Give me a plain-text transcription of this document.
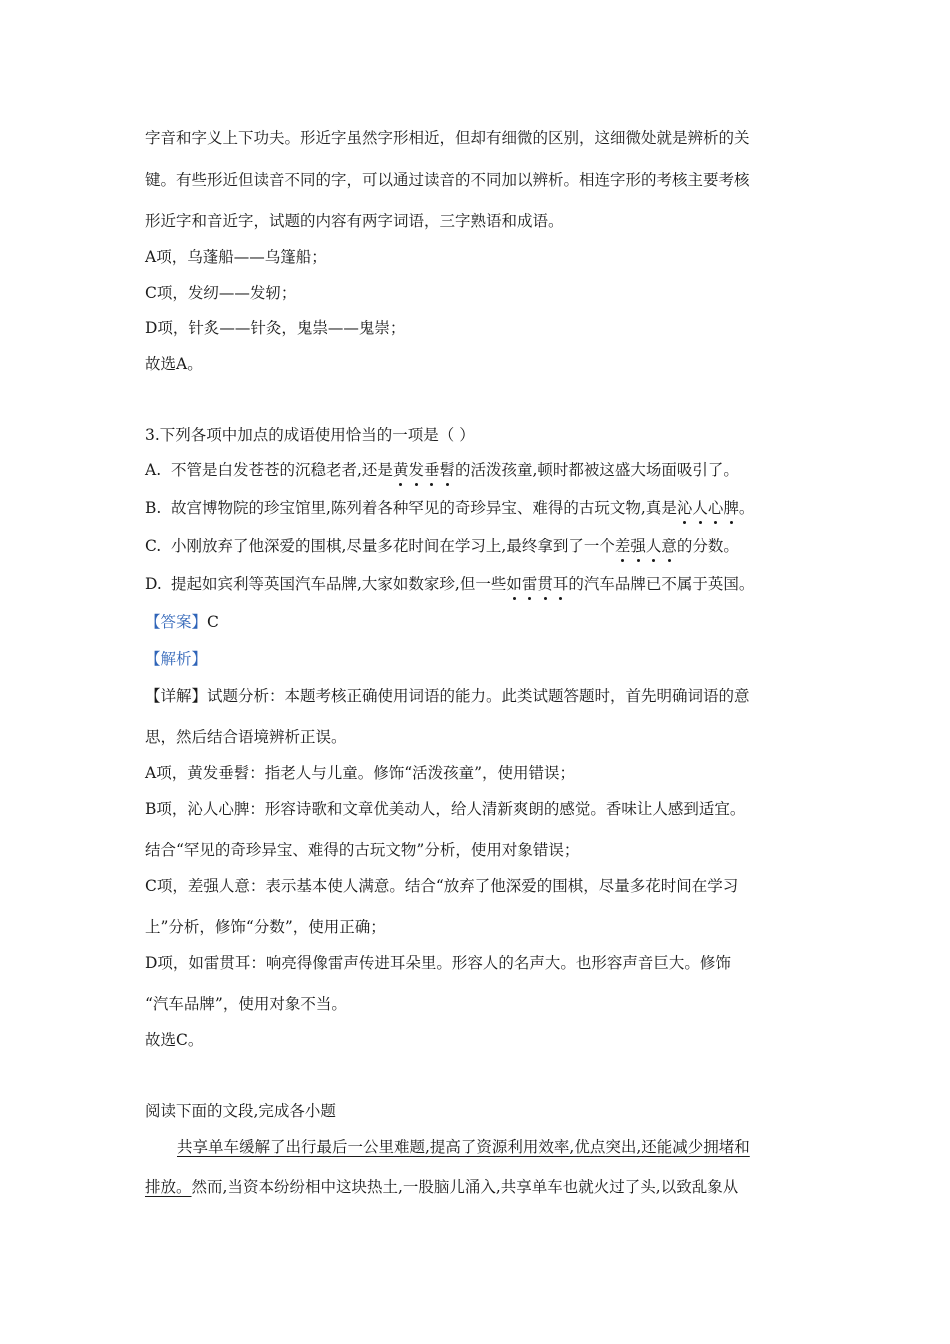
字音和字义上下功夫。形近字虽然字形相近，但却有细微的区别，这细微处就是辨析的关
键。有些形近但读音不同的字，可以通过读音的不同加以辨析。相连字形的考核主要考核
形近字和音近字，试题的内容有两字词语，三字熟语和成语。
A项，乌蓬船——乌篷船；
C项，发纫——发轫；
D项，针炙——针灸，鬼祟——鬼崇；
故选A。
3.下列各项中加点的成语使用恰当的一项是（ ）
A. 不管是白发苍苍的沉稳老者,还是黄发垂髫的活泼孩童,顿时都被这盛大场面吸引了。
B. 故宫博物院的珍宝馆里,陈列着各种罕见的奇珍异宝、难得的古玩文物,真是沁人心脾。
C. 小刚放弃了他深爱的围棋,尽量多花时间在学习上,最终拿到了一个差强人意的分数。
D. 提起如宾利等英国汽车品牌,大家如数家珍,但一些如雷贯耳的汽车品牌已不属于英国。
【答案】C
【解析】
【详解】试题分析：本题考核正确使用词语的能力。此类试题答题时，首先明确词语的意
思，然后结合语境辨析正误。
A项，黄发垂髫：指老人与儿童。修饰“活泼孩童”，使用错误；
B项，沁人心脾：形容诗歌和文章优美动人，给人清新爽朗的感觉。香味让人感到适宜。
结合“罕见的奇珍异宝、难得的古玩文物”分析，使用对象错误；
C项，差强人意：表示基本使人满意。结合“放弃了他深爱的围棋，尽量多花时间在学习
上”分析，修饰“分数”，使用正确；
D项，如雷贯耳：响亮得像雷声传进耳朵里。形容人的名声大。也形容声音巨大。修饰
“汽车品牌”，使用对象不当。
故选C。
阅读下面的文段,完成各小题
共享单车缓解了出行最后一公里难题,提高了资源利用效率,优点突出,还能减少拥堵和
排放。然而,当资本纷纷相中这块热土,一股脑儿涌入,共享单车也就火过了头,以致乱象从
